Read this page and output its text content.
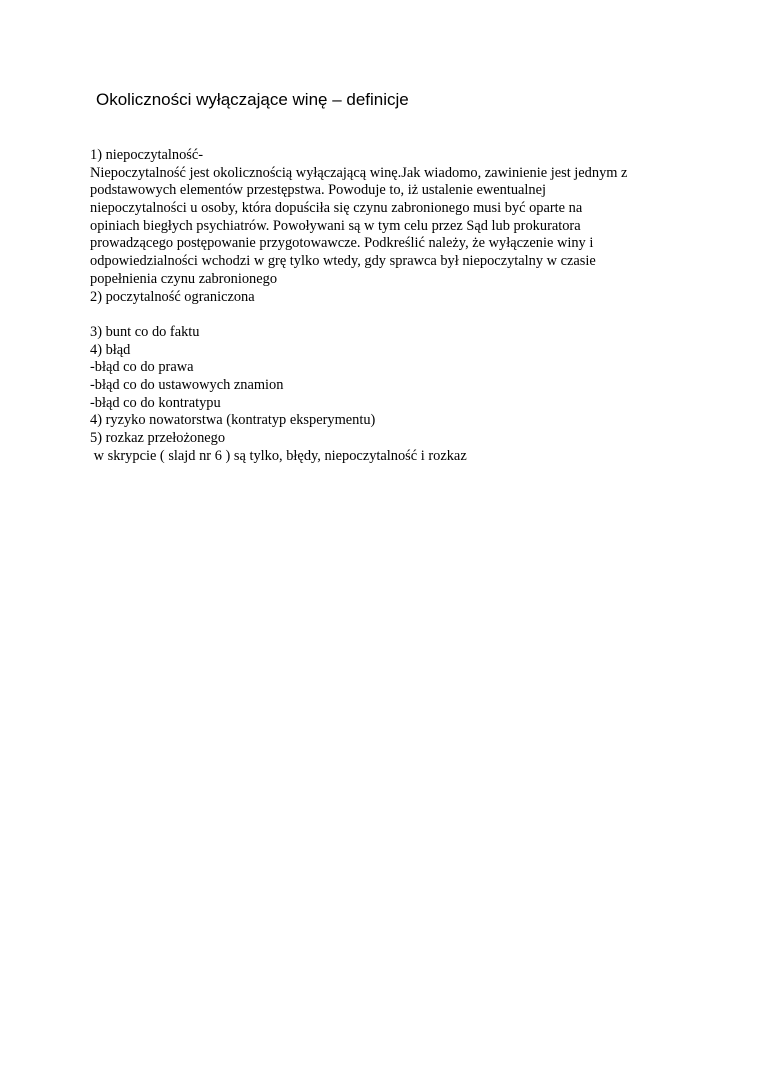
Okoliczności wyłączające winę – definicje
1) niepoczytalność-
Niepoczytalność jest okolicznością wyłączającą winę.Jak wiadomo, zawinienie jest jednym z
podstawowych elementów przestępstwa. Powoduje to, iż ustalenie ewentualnej
niepoczytalności u osoby, która dopuściła się czynu zabronionego musi być oparte na
opiniach biegłych psychiatrów. Powoływani są w tym celu przez Sąd lub prokuratora
prowadzącego postępowanie przygotowawcze. Podkreślić należy, że wyłączenie winy i
odpowiedzialności wchodzi w grę tylko wtedy, gdy sprawca był niepoczytalny w czasie
popełnienia czynu zabronionego
2) poczytalność ograniczona
3) bunt co do faktu
4) błąd
-błąd co do prawa
-błąd co do ustawowych znamion
-błąd co do kontratypu
4) ryzyko nowatorstwa (kontratyp eksperymentu)
5) rozkaz przełożonego
w skrypcie ( slajd nr 6 ) są tylko, błędy, niepoczytalność i rozkaz
